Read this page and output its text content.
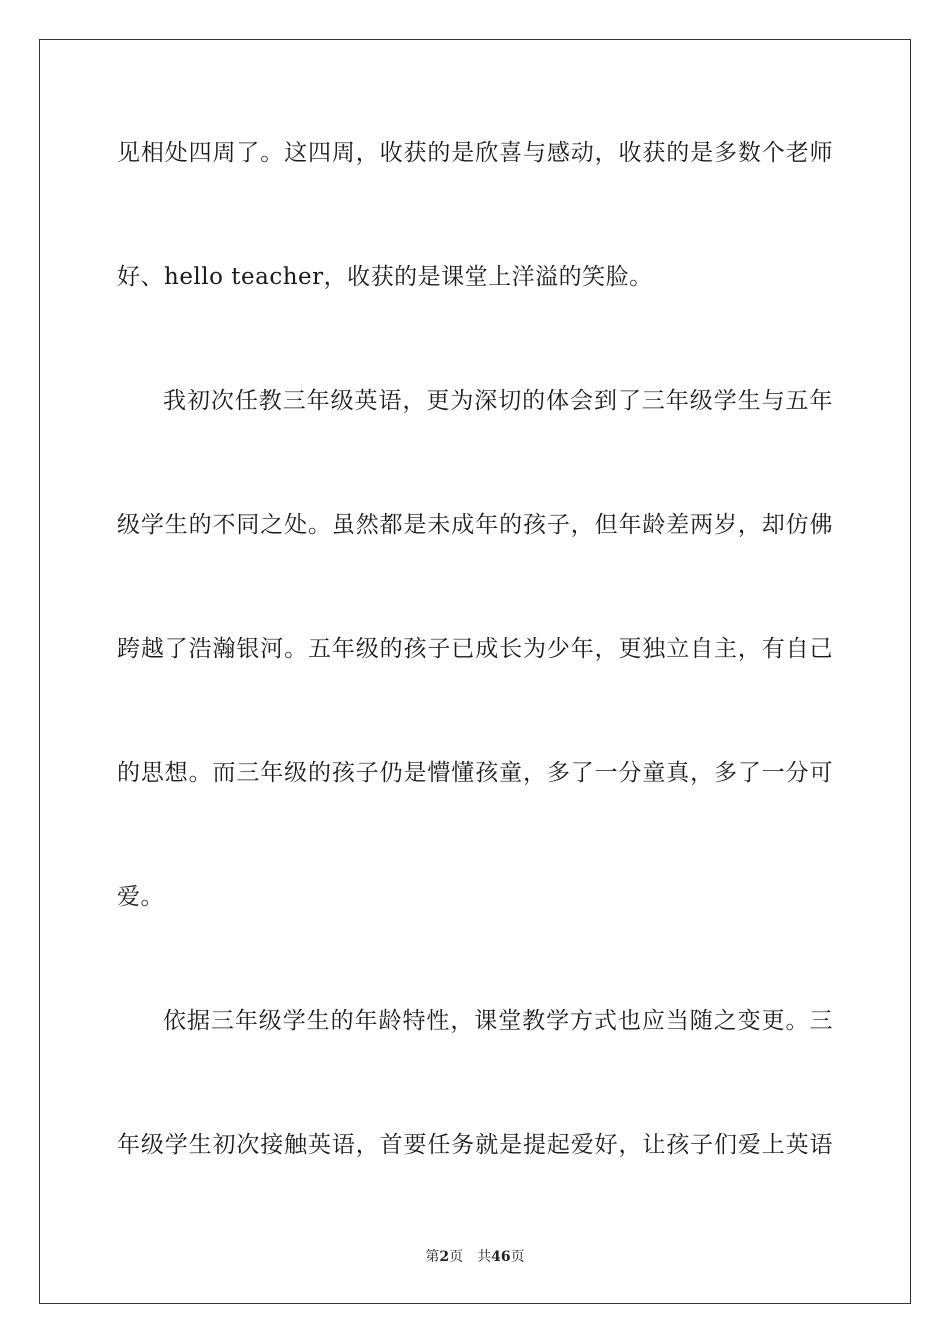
见相处四周了。这四周，收获的是欣喜与感动，收获的是多数个老师
好、hello teacher，收获的是课堂上洋溢的笑脸。
我初次任教三年级英语，更为深切的体会到了三年级学生与五年
级学生的不同之处。虽然都是未成年的孩子，但年龄差两岁，却仿佛
跨越了浩瀚银河。五年级的孩子已成长为少年，更独立自主，有自己
的思想。而三年级的孩子仍是懵懂孩童，多了一分童真，多了一分可
爱。
依据三年级学生的年龄特性，课堂教学方式也应当随之变更。三
年级学生初次接触英语，首要任务就是提起爱好，让孩子们爱上英语
第2页 共46页
